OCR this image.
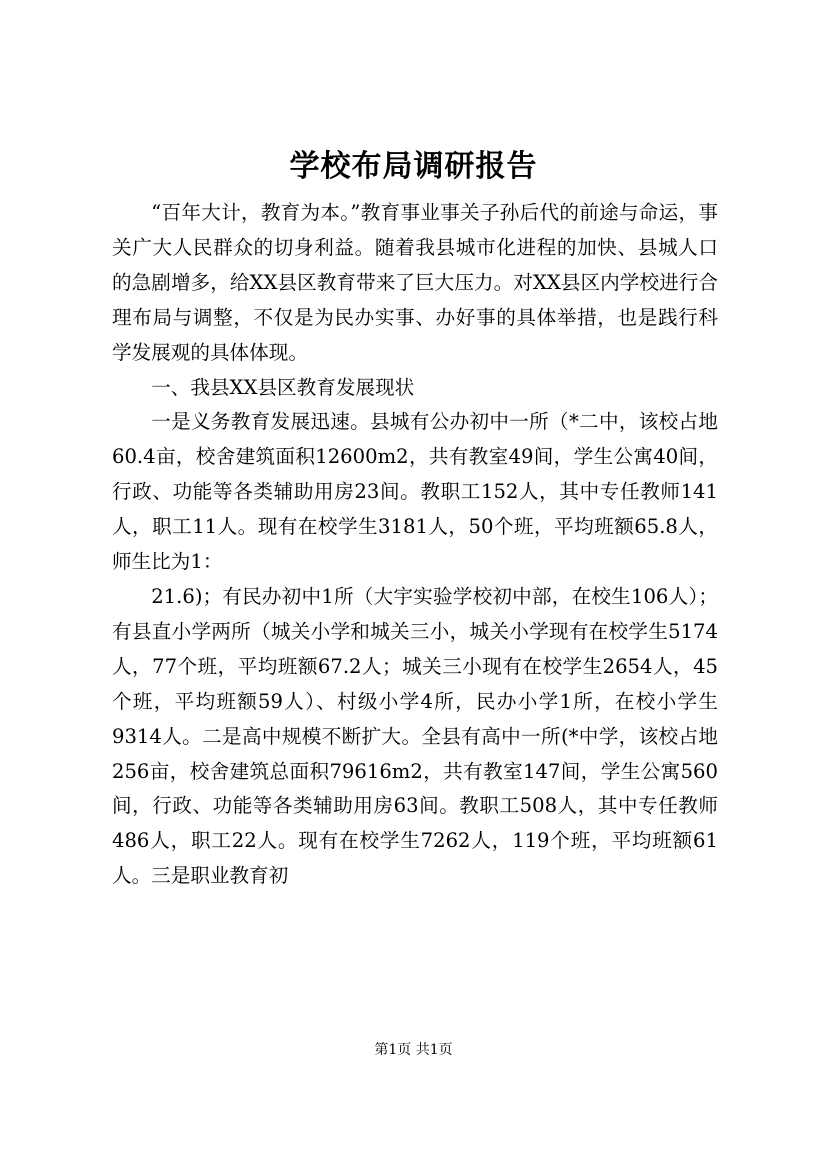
学校布局调研报告

“百年大计，教育为本。”教育事业事关子孙后代的前途与命运，事关广大人民群众的切身利益。随着我县城市化进程的加快、县城人口的急剧增多，给XX县区教育带来了巨大压力。对XX县区内学校进行合理布局与调整，不仅是为民办实事、办好事的具体举措，也是践行科学发展观的具体体现。

一、我县XX县区教育发展现状

一是义务教育发展迅速。县城有公办初中一所（*二中，该校占地60.4亩，校舍建筑面积12600m2，共有教室49间，学生公寓40间，行政、功能等各类辅助用房23间。教职工152人，其中专任教师141人，职工11人。现有在校学生3181人，50个班，平均班额65.8人，师生比为1：

21.6)；有民办初中1所（大宇实验学校初中部，在校生106人）；有县直小学两所（城关小学和城关三小，城关小学现有在校学生5174人，77个班，平均班额67.2人；城关三小现有在校学生2654人，45个班，平均班额59人）、村级小学4所，民办小学1所，在校小学生9314人。二是高中规模不断扩大。全县有高中一所(*中学，该校占地256亩，校舍建筑总面积79616m2，共有教室147间，学生公寓560间，行政、功能等各类辅助用房63间。教职工508人，其中专任教师486人，职工22人。现有在校学生7262人，119个班，平均班额61人。三是职业教育初

第1页 共1页
